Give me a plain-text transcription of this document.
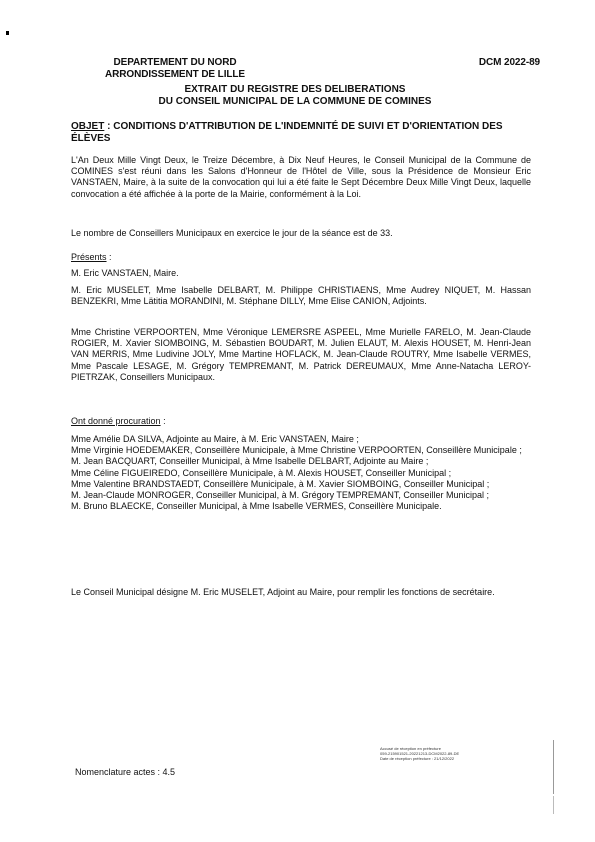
DEPARTEMENT DU NORD
ARRONDISSEMENT DE LILLE
DCM 2022-89
EXTRAIT DU REGISTRE DES DELIBERATIONS
DU CONSEIL MUNICIPAL DE LA COMMUNE DE COMINES
OBJET : CONDITIONS D'ATTRIBUTION DE L'INDEMNITÉ DE SUIVI ET D'ORIENTATION DES ÉLÈVES
L'An Deux Mille Vingt Deux, le Treize Décembre, à Dix Neuf Heures, le Conseil Municipal de la Commune de COMINES s'est réuni dans les Salons d'Honneur de l'Hôtel de Ville, sous la Présidence de Monsieur Eric VANSTAEN, Maire, à la suite de la convocation qui lui a été faite le Sept Décembre Deux Mille Vingt Deux, laquelle convocation a été affichée à la porte de la Mairie, conformément à la Loi.
Le nombre de Conseillers Municipaux en exercice le jour de la séance est de 33.
Présents :
M. Eric VANSTAEN, Maire.
M. Eric MUSELET, Mme Isabelle DELBART, M. Philippe CHRISTIAENS, Mme Audrey NIQUET, M. Hassan BENZEKRI, Mme Lätitia MORANDINI, M. Stéphane DILLY, Mme Elise CANION, Adjoints.
Mme Christine VERPOORTEN, Mme Véronique LEMERSRE ASPEEL, Mme Murielle FARELO, M. Jean-Claude ROGIER, M. Xavier SIOMBOING, M. Sébastien BOUDART, M. Julien ELAUT, M. Alexis HOUSET, M. Henri-Jean VAN MERRIS, Mme Ludivine JOLY, Mme Martine HOFLACK, M. Jean-Claude ROUTRY, Mme Isabelle VERMES, Mme Pascale LESAGE, M. Grégory TEMPREMANT, M. Patrick DEREUMAUX, Mme Anne-Natacha LEROY-PIETRZAK, Conseillers Municipaux.
Ont donné procuration :

Mme Amélie DA SILVA, Adjointe au Maire, à M. Eric VANSTAEN, Maire ;

Mme Virginie HOEDEMAKER, Conseillère Municipale, à Mme Christine VERPOORTEN, Conseillère Municipale ;

M. Jean BACQUART, Conseiller Municipal, à Mme Isabelle DELBART, Adjointe au Maire ;

Mme Céline FIGUEIREDO, Conseillère Municipale, à M. Alexis HOUSET, Conseiller Municipal ;

Mme Valentine BRANDSTAEDT, Conseillère Municipale, à M. Xavier SIOMBOING, Conseiller Municipal ;

M. Jean-Claude MONROGER, Conseiller Municipal, à M. Grégory TEMPREMANT, Conseiller Municipal ;

M. Bruno BLAECKE, Conseiller Municipal, à Mme Isabelle VERMES, Conseillère Municipale.

Le Conseil Municipal désigne M. Eric MUSELET, Adjoint au Maire, pour remplir les fonctions de secrétaire.
Accusé de réception en préfecture
059-215901521-20221213-DCM2022-89-DE
Date de réception préfecture : 21/12/2022
Nomenclature actes : 4.5
